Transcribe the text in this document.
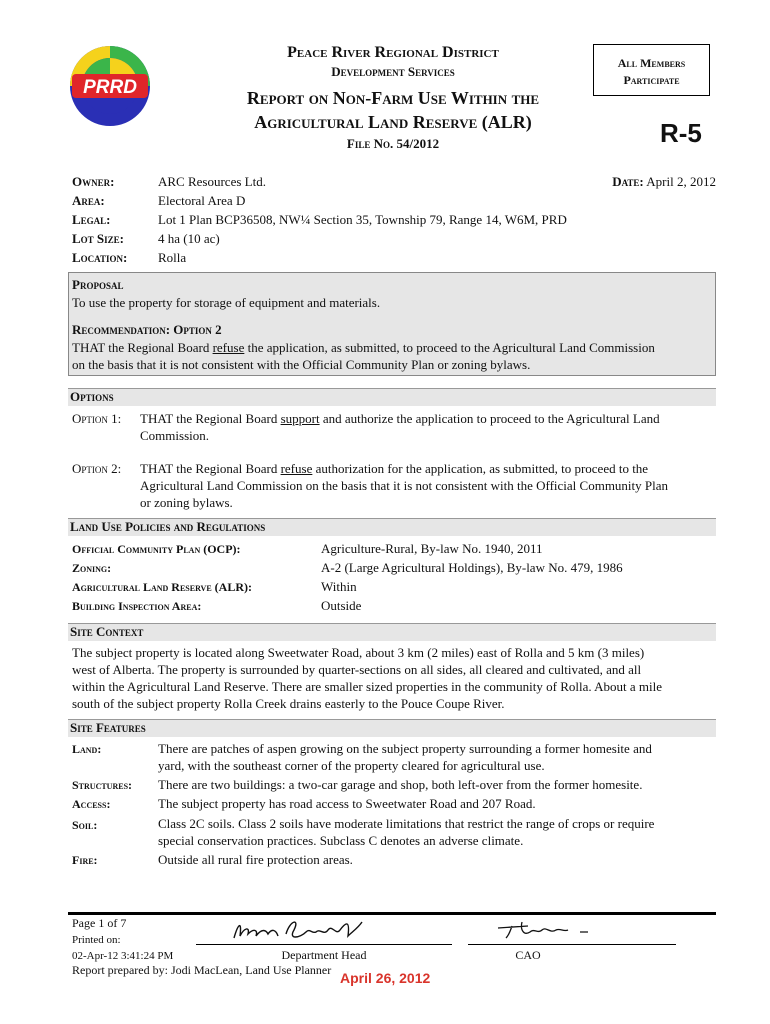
PRRD
Peace River Regional District
Development Services
Report on Non-Farm Use Within the
Agricultural Land Reserve (ALR)
File No. 54/2012
All Members
Participate
R-5
Owner:	ARC Resources Ltd.	Date: April 2, 2012
Area:	Electoral Area D
Legal:	Lot 1 Plan BCP36508, NW¼ Section 35, Township 79, Range 14, W6M, PRD
Lot Size:	4 ha (10 ac)
Location: Rolla
Proposal
To use the property for storage of equipment and materials.
Recommendation: Option 2
THAT the Regional Board refuse the application, as submitted, to proceed to the Agricultural Land Commission
on the basis that it is not consistent with the Official Community Plan or zoning bylaws.
Options
Option 1: THAT the Regional Board support and authorize the application to proceed to the Agricultural Land
Commission.
Option 2: THAT the Regional Board refuse authorization for the application, as submitted, to proceed to the
Agricultural Land Commission on the basis that it is not consistent with the Official Community Plan
or zoning bylaws.
Land Use Policies and Regulations
Official Community Plan (OCP):	Agriculture-Rural, By-law No. 1940, 2011
Zoning:	A-2 (Large Agricultural Holdings), By-law No. 479, 1986
Agricultural Land Reserve (ALR):	Within
Building Inspection Area:	Outside
Site Context
The subject property is located along Sweetwater Road, about 3 km (2 miles) east of Rolla and 5 km (3 miles)
west of Alberta. The property is surrounded by quarter-sections on all sides, all cleared and cultivated, and all
within the Agricultural Land Reserve. There are smaller sized properties in the community of Rolla. About a mile
south of the subject property Rolla Creek drains easterly to the Pouce Coupe River.
Site Features
Land:	There are patches of aspen growing on the subject property surrounding a former homesite and
yard, with the southeast corner of the property cleared for agricultural use.
Structures: There are two buildings: a two-car garage and shop, both left-over from the former homesite.
Access:	The subject property has road access to Sweetwater Road and 207 Road.
Soil:	Class 2C soils. Class 2 soils have moderate limitations that restrict the range of crops or require
special conservation practices. Subclass C denotes an adverse climate.
Fire:	Outside all rural fire protection areas.
Page 1 of 7
Printed on:
02-Apr-12 3:41:24 PM
Report prepared by: Jodi MacLean, Land Use Planner
Department Head	CAO
April 26, 2012
